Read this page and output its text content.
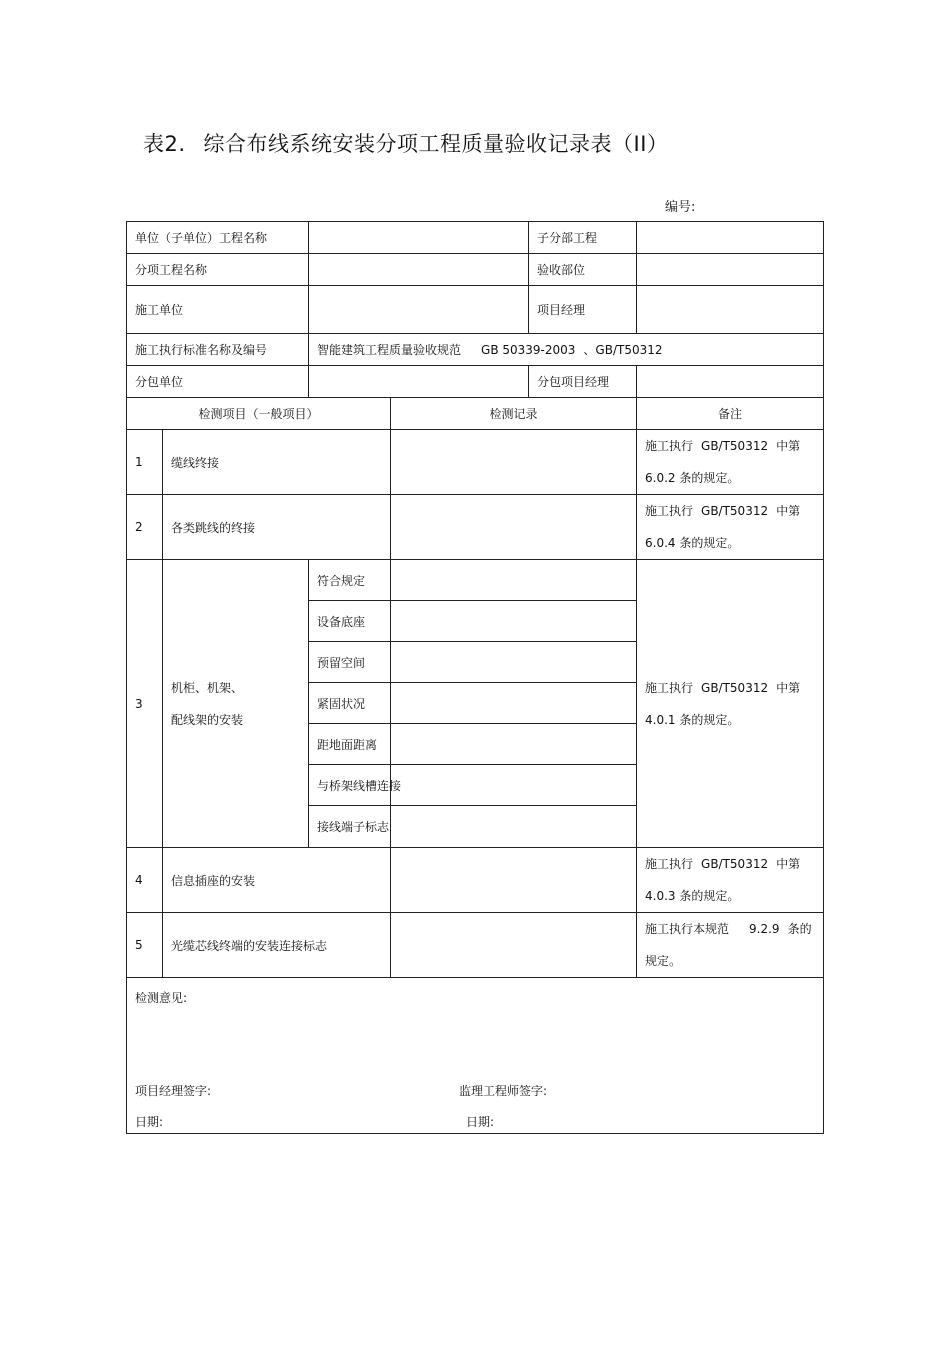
表2. 综合布线系统安装分项工程质量验收记录表（II）
编号:
单位（子单位）工程名称				子分部工程	
分项工程名称				验收部位	
施工单位				项目经理	
施工执行标准名称及编号		智能建筑工程质量验收规范 GB 50339-2003 、GB/T50312			
分包单位				分包项目经理	
检测项目（一般项目）			检测记录		备注
1	缆线终接				施工执行 GB/T50312 中第
6.0.2 条的规定。
2	各类跳线的终接				施工执行 GB/T50312 中第
6.0.4 条的规定。
3	机柜、机架、
配线架的安装	符合规定			施工执行 GB/T50312 中第
4.0.1 条的规定。
		设备底座			
		预留空间			
		紧固状况			
		距地面距离			
		与桥架线槽连接			
		接线端子标志			
4	信息插座的安装				施工执行 GB/T50312 中第
4.0.3 条的规定。
5	光缆芯线终端的安装连接标志				施工执行本规范 9.2.9 条的
规定。

检测意见:
项目经理签字: 监理工程师签字:
日期: 日期:					
